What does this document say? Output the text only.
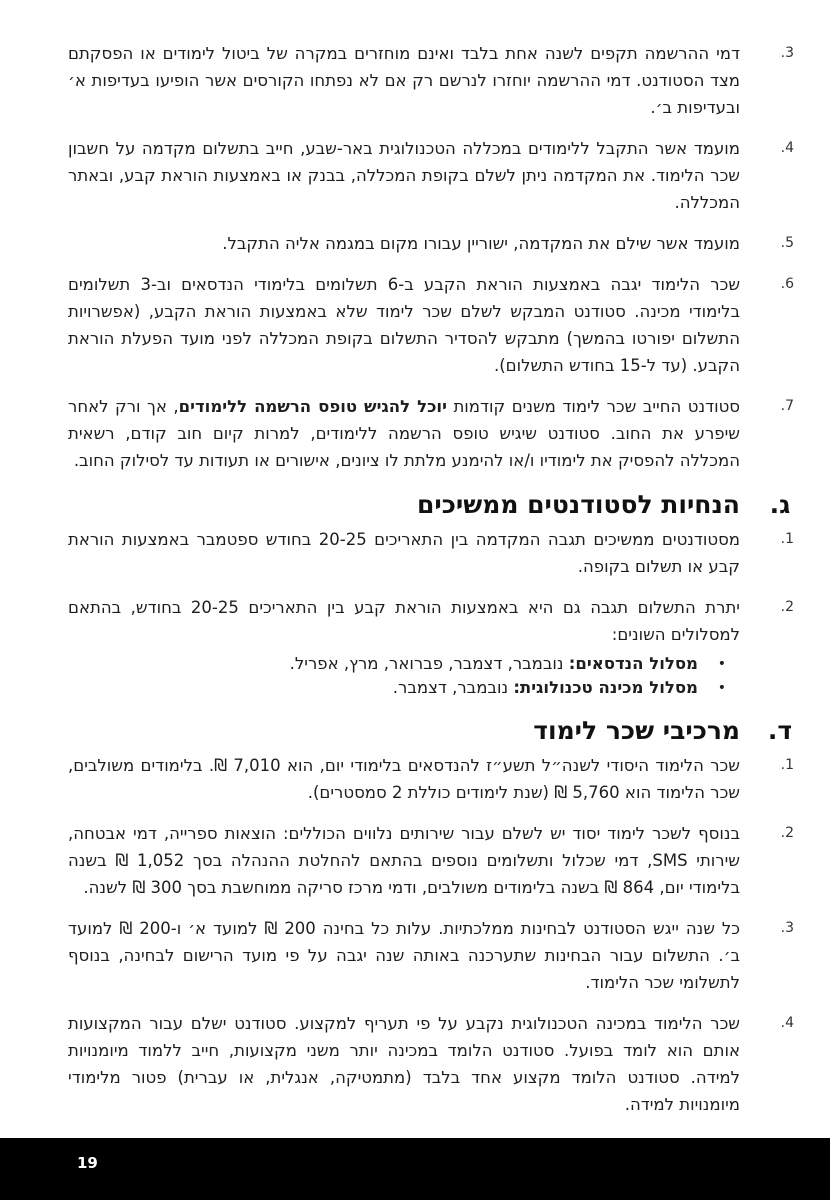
.3
דמי ההרשמה תקפים לשנה אחת בלבד ואינם מוחזרים במקרה של ביטול לימודים או הפסקתם מצד הסטודנט. דמי ההרשמה יוחזרו לנרשם רק אם לא נפתחו הקורסים אשר הופיעו בעדיפות א׳ ובעדיפות ב׳.
.4
מועמד אשר התקבל ללימודים במכללה הטכנולוגית באר-שבע, חייב בתשלום מקדמה על חשבון שכר הלימוד. את המקדמה ניתן לשלם בקופת המכללה, בבנק או באמצעות הוראת קבע, ובאתר המכללה.
.5
מועמד אשר שילם את המקדמה, ישוריין עבורו מקום במגמה אליה התקבל.
.6
שכר הלימוד יגבה באמצעות הוראת הקבע ב-6 תשלומים בלימודי הנדסאים וב-3 תשלומים בלימודי מכינה. סטודנט המבקש לשלם שכר לימוד שלא באמצעות הוראת הקבע, (אפשרויות התשלום יפורטו בהמשך) מתבקש להסדיר התשלום בקופת המכללה לפני מועד הפעלת הוראת הקבע. (עד ל-15 בחודש התשלום).
.7
סטודנט החייב שכר לימוד משנים קודמות יוכל להגיש טופס הרשמה ללימודים, אך ורק לאחר שיפרע את החוב. סטודנט שיגיש טופס הרשמה ללימודים, למרות קיום חוב קודם, רשאית המכללה להפסיק את לימודיו ו/או להימנע מלתת לו ציונים, אישורים או תעודות עד לסילוק החוב.
ג.
הנחיות לסטודנטים ממשיכים
.1
מסטודנטים ממשיכים תגבה המקדמה בין התאריכים 20-25 בחודש ספטמבר באמצעות הוראת קבע או תשלום בקופה.
.2
יתרת התשלום תגבה גם היא באמצעות הוראת קבע בין התאריכים 20-25 בחודש, בהתאם למסלולים השונים:
•
מסלול הנדסאים: נובמבר, דצמבר, פברואר, מרץ, אפריל.
•
מסלול מכינה טכנולוגית: נובמבר, דצמבר.
ד.
מרכיבי שכר לימוד
.1
שכר הלימוד היסודי לשנה״ל תשע״ז להנדסאים בלימודי יום, הוא 7,010 ₪. בלימודים משולבים, שכר הלימוד הוא 5,760 ₪ (שנת לימודים כוללת 2 סמסטרים).
.2
בנוסף לשכר לימוד יסוד יש לשלם עבור שירותים נלווים הכוללים: הוצאות ספרייה, דמי אבטחה, שירותי SMS, דמי שכלול ותשלומים נוספים בהתאם להחלטת ההנהלה בסך 1,052 ₪ בשנה בלימודי יום, 864 ₪ בשנה בלימודים משולבים, ודמי מרכז סריקה ממוחשבת בסך 300 ₪ לשנה.
.3
כל שנה ייגש הסטודנט לבחינות ממלכתיות. עלות כל בחינה 200 ₪ למועד א׳ ו-200 ₪ למועד ב׳. התשלום עבור הבחינות שתערכנה באותה שנה יגבה על פי מועד הרישום לבחינה, בנוסף לתשלומי שכר הלימוד.
.4
שכר הלימוד במכינה הטכנולוגית נקבע על פי תעריף למקצוע. סטודנט ישלם עבור המקצועות אותם הוא לומד בפועל. סטודנט הלומד במכינה יותר משני מקצועות, חייב ללמוד מיומנויות למידה. סטודנט הלומד מקצוע אחד בלבד (מתמטיקה, אנגלית, או עברית) פטור מלימודי מיומנויות למידה.
19
